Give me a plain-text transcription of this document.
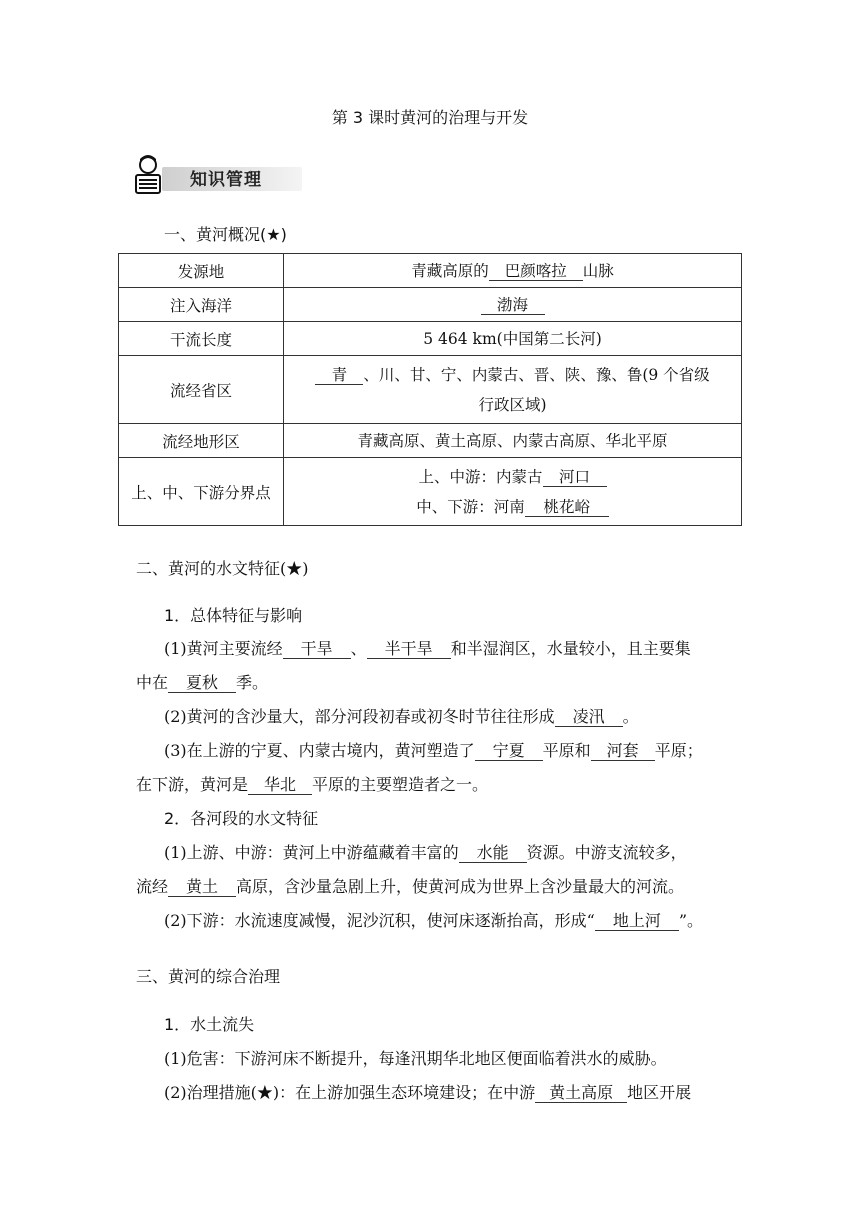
第 3 课时黄河的治理与开发
知识管理
一、黄河概况(★)
发源地	青藏高原的 巴颜喀拉 山脉
注入海洋	渤海
干流长度	5 464 km(中国第二长河)
流经省区	青 、川、甘、宁、内蒙古、晋、陕、豫、鲁(9 个省级
行政区域)

流经地形区	青藏高原、黄土高原、内蒙古高原、华北平原
上、中、下游分界点	上、中游：内蒙古 河口
中、下游：河南 桃花峪
二、黄河的水文特征(★)
1．总体特征与影响
(1)黄河主要流经 干旱 、 半干旱 和半湿润区，水量较小，且主要集
中在 夏秋 季。
(2)黄河的含沙量大，部分河段初春或初冬时节往往形成 凌汛 。
(3)在上游的宁夏、内蒙古境内，黄河塑造了 宁夏 平原和 河套 平原；
在下游，黄河是 华北 平原的主要塑造者之一。
2．各河段的水文特征
(1)上游、中游：黄河上中游蕴藏着丰富的 水能 资源。中游支流较多，
流经 黄土 高原，含沙量急剧上升，使黄河成为世界上含沙量最大的河流。
(2)下游：水流速度减慢，泥沙沉积，使河床逐渐抬高，形成“ 地上河 ”。
三、黄河的综合治理
1．水土流失
(1)危害：下游河床不断提升，每逢汛期华北地区便面临着洪水的威胁。
(2)治理措施(★)：在上游加强生态环境建设；在中游 黄土高原 地区开展
